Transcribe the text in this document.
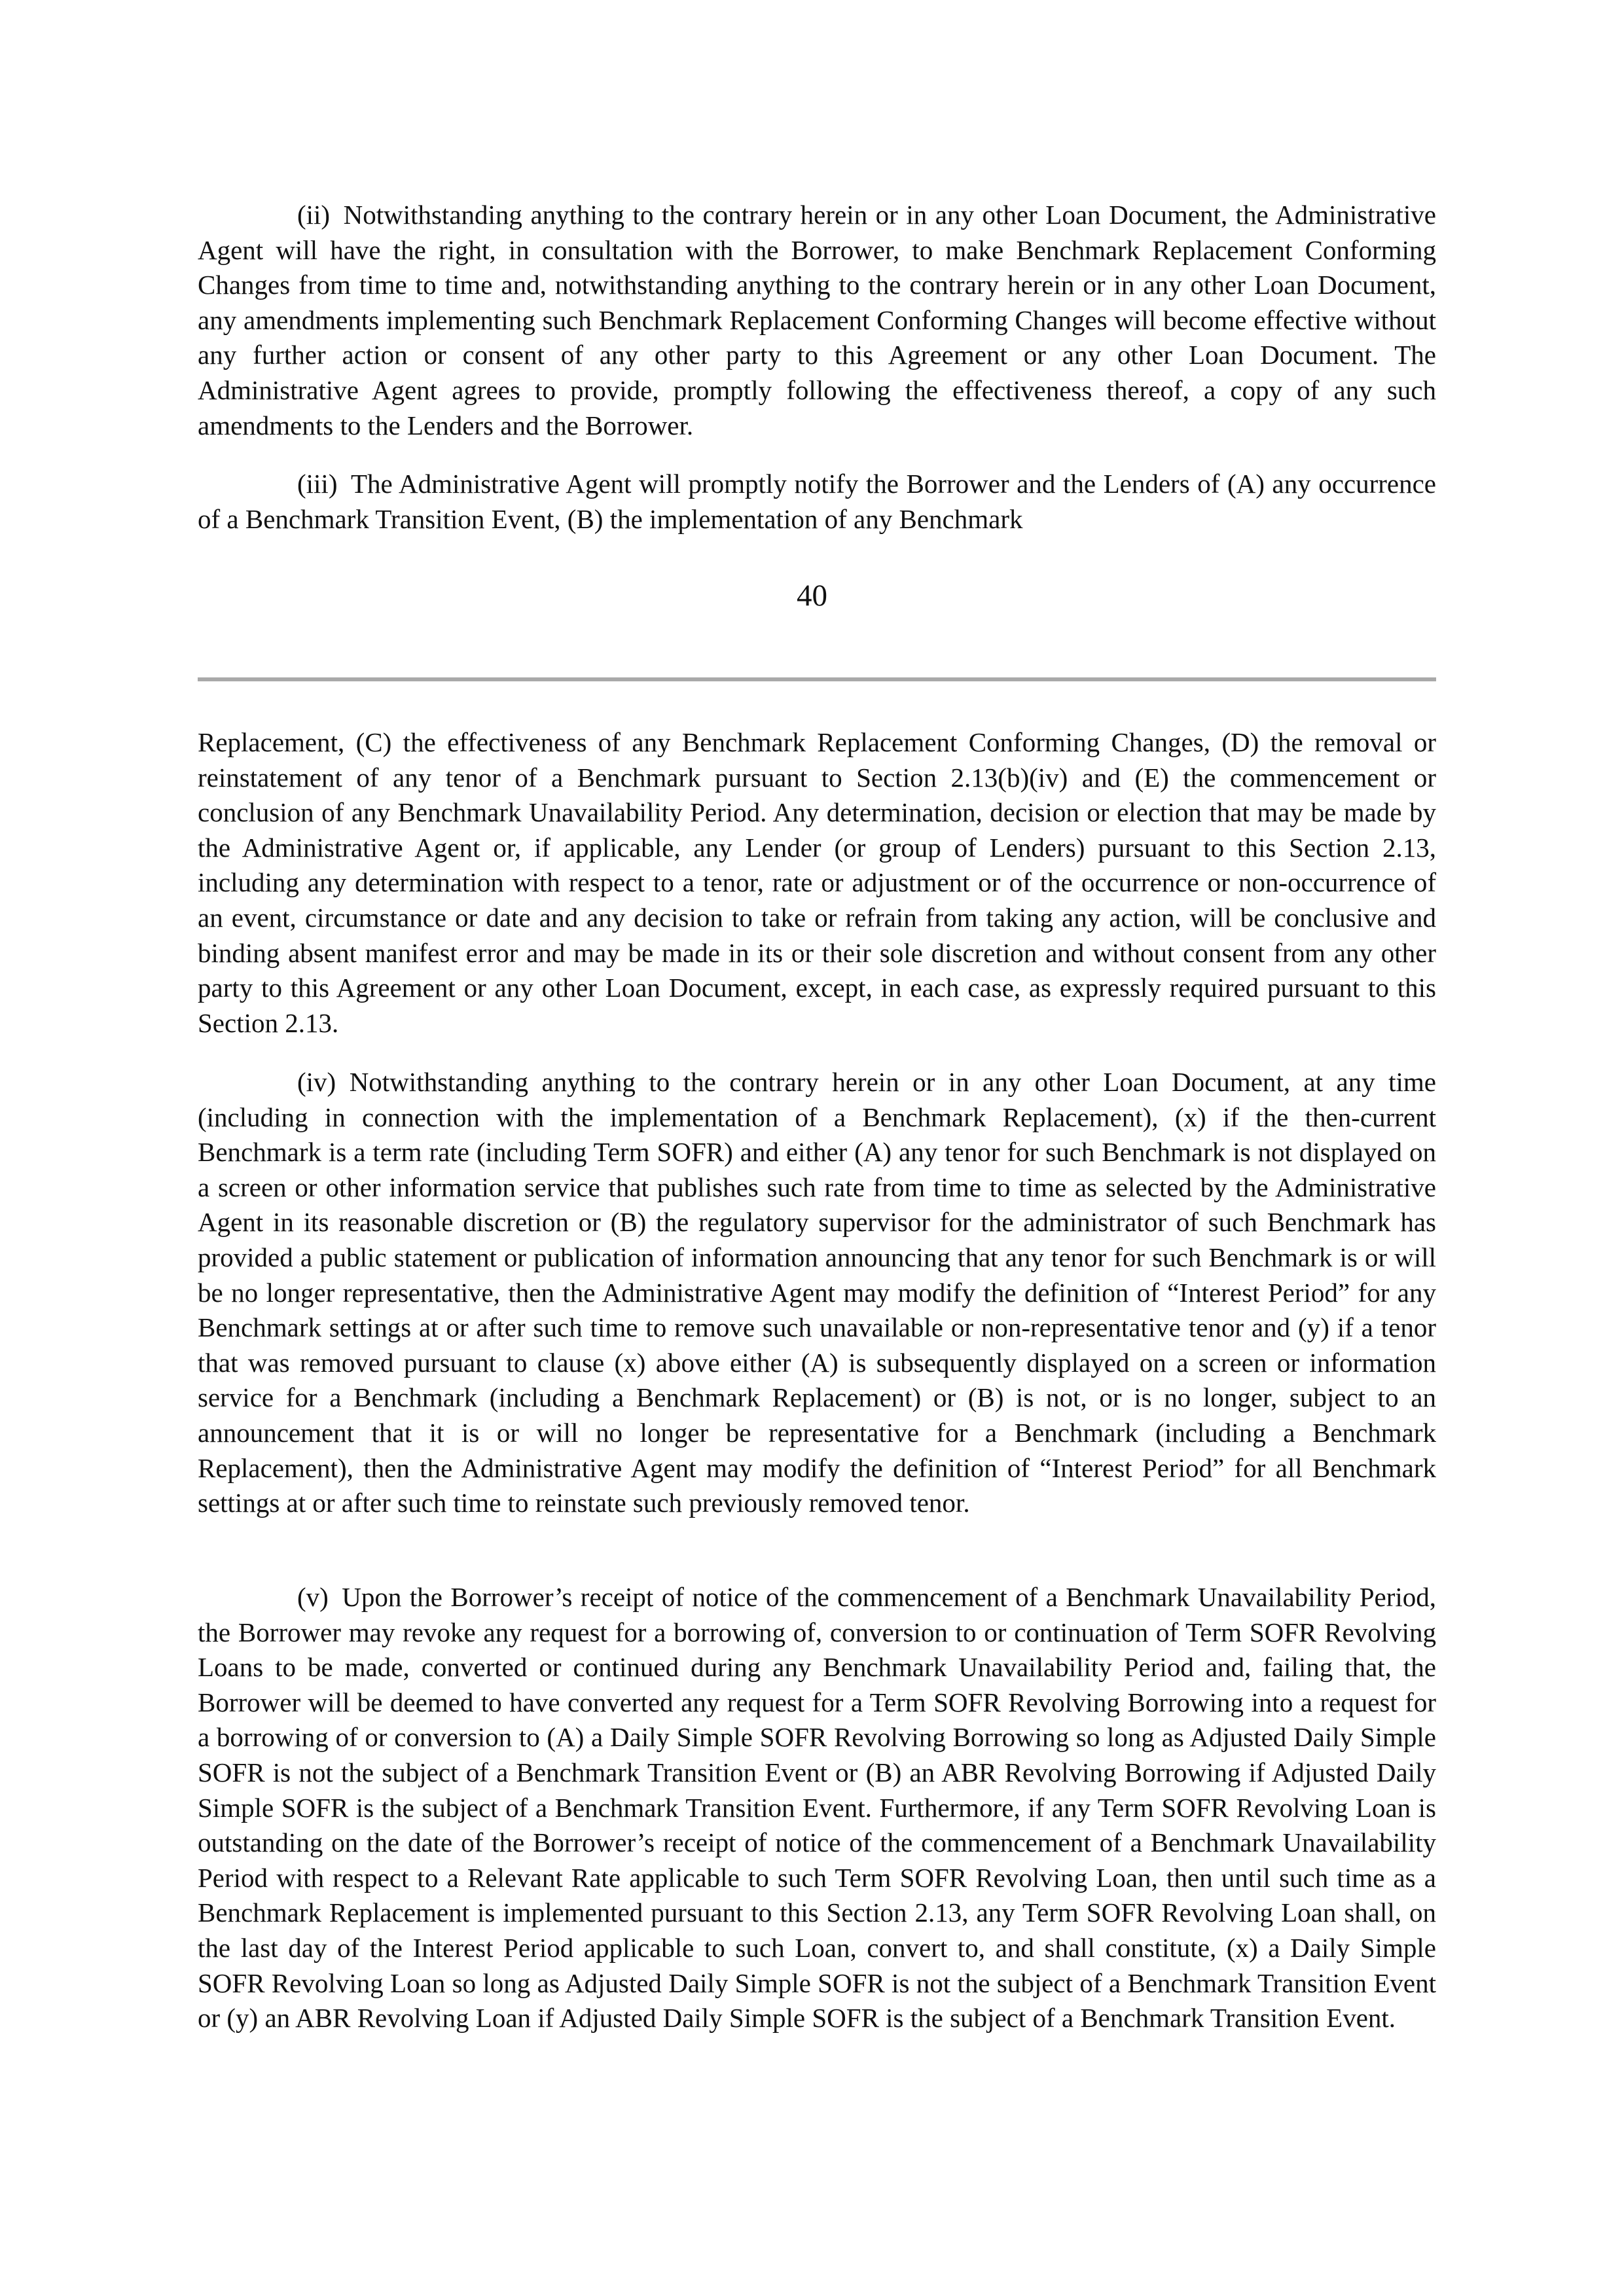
(ii) Notwithstanding anything to the contrary herein or in any other Loan Document, the Administrative Agent will have the right, in consultation with the Borrower, to make Benchmark Replacement Conforming Changes from time to time and, notwithstanding anything to the contrary herein or in any other Loan Document, any amendments implementing such Benchmark Replacement Conforming Changes will become effective without any further action or consent of any other party to this Agreement or any other Loan Document. The Administrative Agent agrees to provide, promptly following the effectiveness thereof, a copy of any such amendments to the Lenders and the Borrower.

(iii) The Administrative Agent will promptly notify the Borrower and the Lenders of (A) any occurrence of a Benchmark Transition Event, (B) the implementation of any Benchmark

40

Replacement, (C) the effectiveness of any Benchmark Replacement Conforming Changes, (D) the removal or reinstatement of any tenor of a Benchmark pursuant to Section 2.13(b)(iv) and (E) the commencement or conclusion of any Benchmark Unavailability Period. Any determination, decision or election that may be made by the Administrative Agent or, if applicable, any Lender (or group of Lenders) pursuant to this Section 2.13, including any determination with respect to a tenor, rate or adjustment or of the occurrence or non-occurrence of an event, circumstance or date and any decision to take or refrain from taking any action, will be conclusive and binding absent manifest error and may be made in its or their sole discretion and without consent from any other party to this Agreement or any other Loan Document, except, in each case, as expressly required pursuant to this Section 2.13.

(iv) Notwithstanding anything to the contrary herein or in any other Loan Document, at any time (including in connection with the implementation of a Benchmark Replacement), (x) if the then-current Benchmark is a term rate (including Term SOFR) and either (A) any tenor for such Benchmark is not displayed on a screen or other information service that publishes such rate from time to time as selected by the Administrative Agent in its reasonable discretion or (B) the regulatory supervisor for the administrator of such Benchmark has provided a public statement or publication of information announcing that any tenor for such Benchmark is or will be no longer representative, then the Administrative Agent may modify the definition of “Interest Period” for any Benchmark settings at or after such time to remove such unavailable or non-representative tenor and (y) if a tenor that was removed pursuant to clause (x) above either (A) is subsequently displayed on a screen or information service for a Benchmark (including a Benchmark Replacement) or (B) is not, or is no longer, subject to an announcement that it is or will no longer be representative for a Benchmark (including a Benchmark Replacement), then the Administrative Agent may modify the definition of “Interest Period” for all Benchmark settings at or after such time to reinstate such previously removed tenor.

(v) Upon the Borrower’s receipt of notice of the commencement of a Benchmark Unavailability Period, the Borrower may revoke any request for a borrowing of, conversion to or continuation of Term SOFR Revolving Loans to be made, converted or continued during any Benchmark Unavailability Period and, failing that, the Borrower will be deemed to have converted any request for a Term SOFR Revolving Borrowing into a request for a borrowing of or conversion to (A) a Daily Simple SOFR Revolving Borrowing so long as Adjusted Daily Simple SOFR is not the subject of a Benchmark Transition Event or (B) an ABR Revolving Borrowing if Adjusted Daily Simple SOFR is the subject of a Benchmark Transition Event. Furthermore, if any Term SOFR Revolving Loan is outstanding on the date of the Borrower’s receipt of notice of the commencement of a Benchmark Unavailability Period with respect to a Relevant Rate applicable to such Term SOFR Revolving Loan, then until such time as a Benchmark Replacement is implemented pursuant to this Section 2.13, any Term SOFR Revolving Loan shall, on the last day of the Interest Period applicable to such Loan, convert to, and shall constitute, (x) a Daily Simple SOFR Revolving Loan so long as Adjusted Daily Simple SOFR is not the subject of a Benchmark Transition Event or (y) an ABR Revolving Loan if Adjusted Daily Simple SOFR is the subject of a Benchmark Transition Event.
